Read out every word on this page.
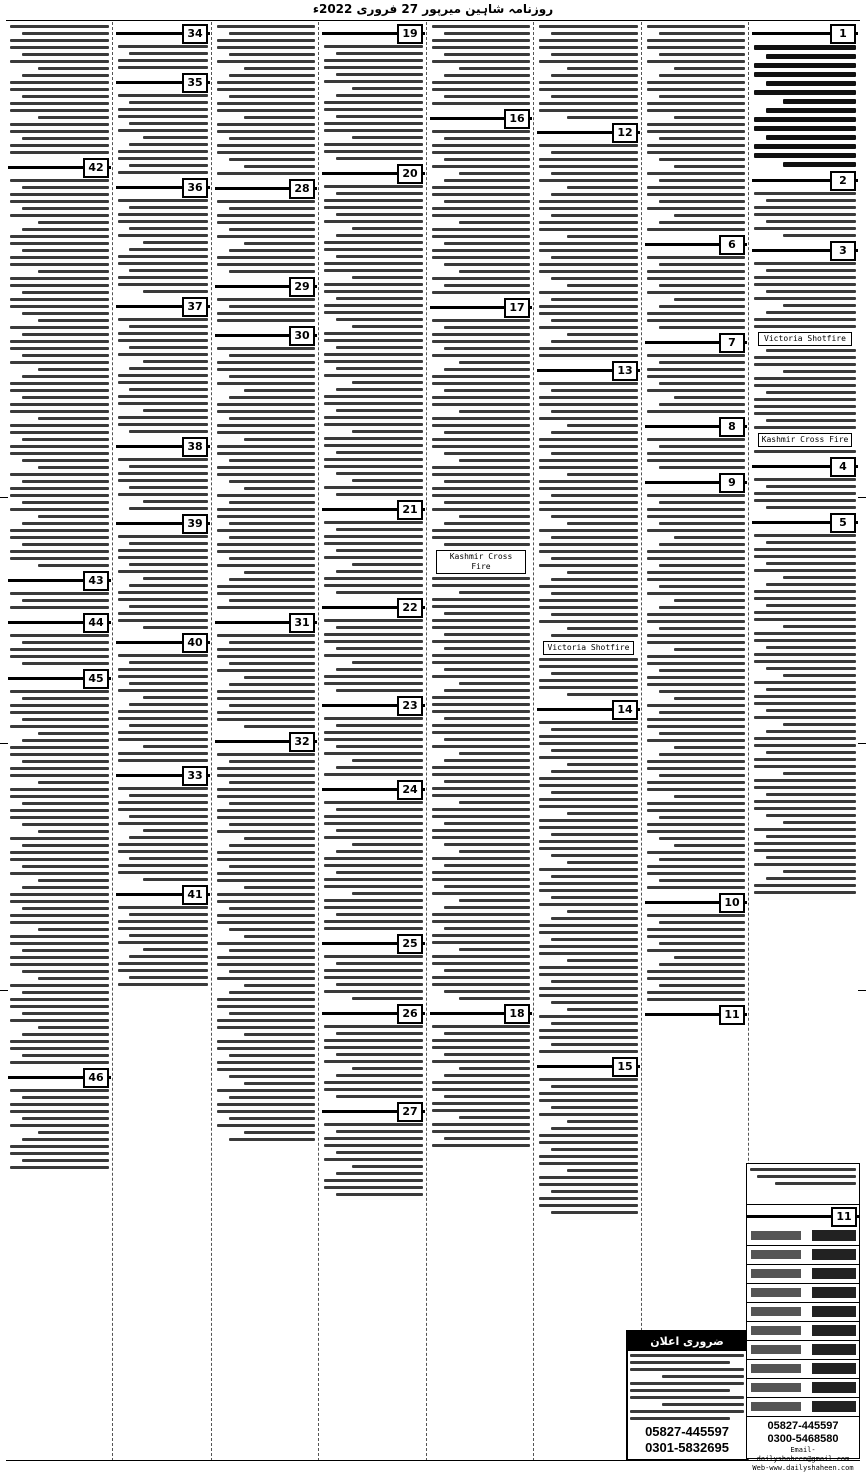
روزنامہ شاہین میرپور 27 فروری 2022ء
1
2
3
Victoria Shotfire
Kashmir Cross Fire
4
5
6
7
8
9
10
11
12
13
Victoria Shotfire
14
15
16
17
Kashmir Cross Fire
18
19
20
21
22
23
24
25
26
27
28
29
30
31
32
34
35
36
37
38
39
40
33
41
42
43
44
45
46
ضروری اعلان
05827-445597
0301-5832695
11
05827-445597
0300-5468580
Email-dailyshaheen@gmail.com
Web-www.dailyshaheen.com
